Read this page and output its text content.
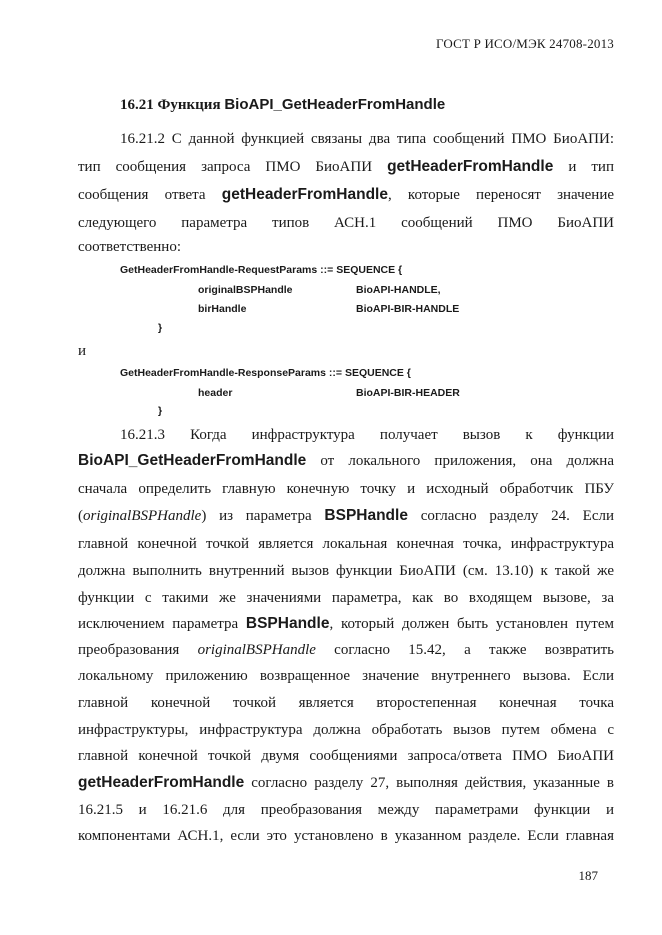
ГОСТ Р ИСО/МЭК 24708-2013
16.21 Функция BioAPI_GetHeaderFromHandle
16.21.2 С данной функцией связаны два типа сообщений ПМО БиоАПИ:
тип сообщения запроса ПМО БиоАПИ getHeaderFromHandle и тип
сообщения ответа getHeaderFromHandle, которые переносят значение
следующего параметра типов АСН.1 сообщений ПМО БиоАПИ
соответственно:
GetHeaderFromHandle-RequestParams ::= SEQUENCE {
originalBSPHandle	BioAPI-HANDLE,
birHandle	BioAPI-BIR-HANDLE
}
и
GetHeaderFromHandle-ResponseParams ::= SEQUENCE {
header	BioAPI-BIR-HEADER
}
16.21.3 Когда инфраструктура получает вызов к функции
BioAPI_GetHeaderFromHandle от локального приложения, она должна
сначала определить главную конечную точку и исходный обработчик ПБУ
(originalBSPHandle) из параметра BSPHandle согласно разделу 24. Если
главной конечной точкой является локальная конечная точка, инфраструктура
должна выполнить внутренний вызов функции БиоАПИ (см. 13.10) к такой же
функции с такими же значениями параметра, как во входящем вызове, за
исключением параметра BSPHandle, который должен быть установлен путем
преобразования originalBSPHandle согласно 15.42, а также возвратить
локальному приложению возвращенное значение внутреннего вызова. Если
главной конечной точкой является второстепенная конечная точка
инфраструктуры, инфраструктура должна обработать вызов путем обмена с
главной конечной точкой двумя сообщениями запроса/ответа ПМО БиоАПИ
getHeaderFromHandle согласно разделу 27, выполняя действия, указанные в
16.21.5 и 16.21.6 для преобразования между параметрами функции и
компонентами АСН.1, если это установлено в указанном разделе. Если главная
187
